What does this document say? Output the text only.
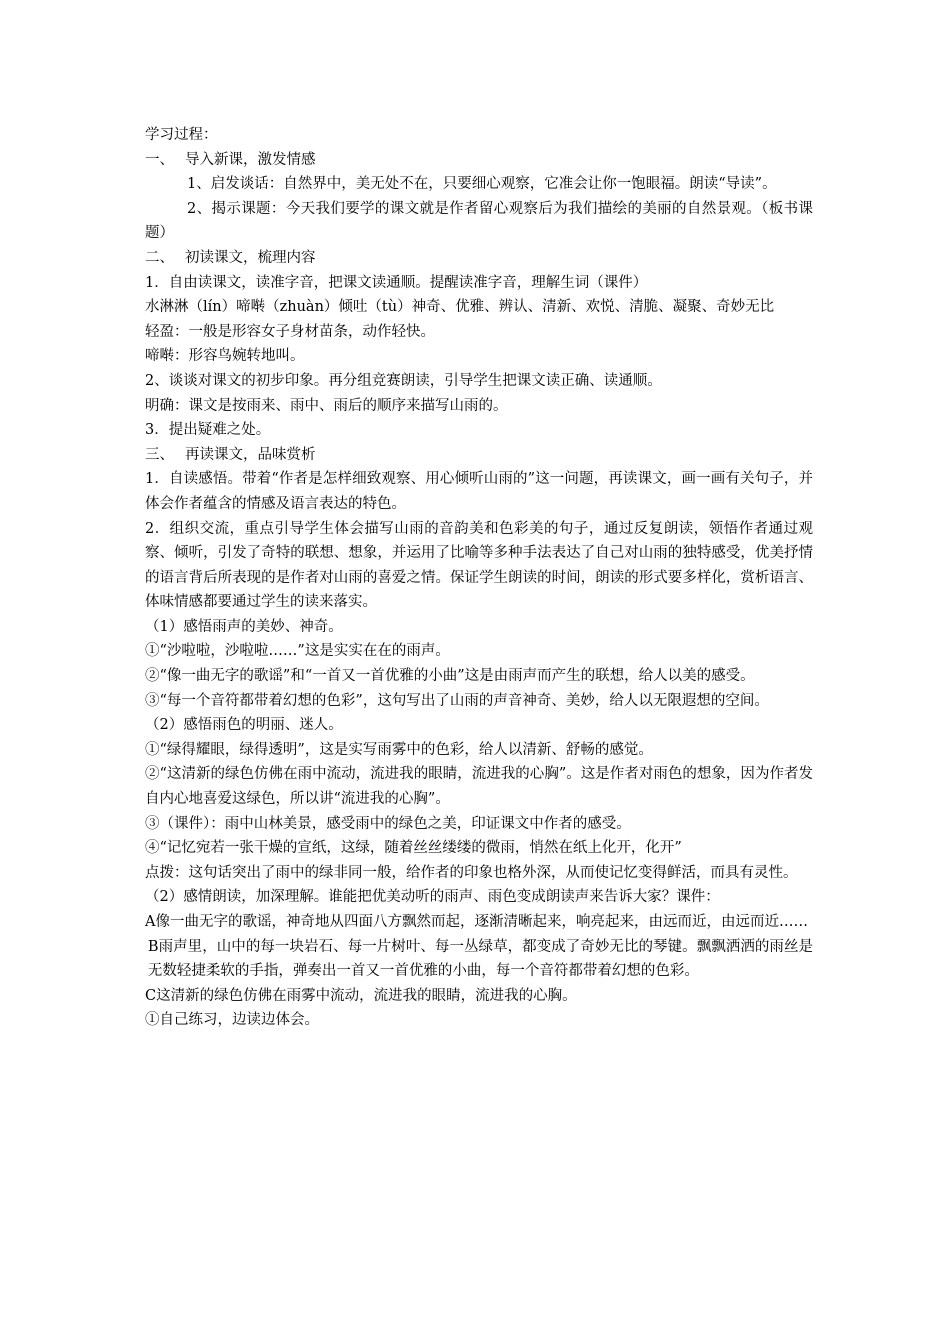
学习过程：

一、 导入新课，激发情感

1、启发谈话：自然界中，美无处不在，只要细心观察，它准会让你一饱眼福。朗读“导读”。

2、揭示课题：今天我们要学的课文就是作者留心观察后为我们描绘的美丽的自然景观。（板书课题）

二、 初读课文，梳理内容

1．自由读课文，读准字音，把课文读通顺。提醒读准字音，理解生词（课件）

水淋淋（lín）啼啭（zhuàn）倾吐（tù）神奇、优雅、辨认、清新、欢悦、清脆、凝聚、奇妙无比

轻盈：一般是形容女子身材苗条，动作轻快。

啼啭：形容鸟婉转地叫。

2、谈谈对课文的初步印象。再分组竞赛朗读，引导学生把课文读正确、读通顺。

明确：课文是按雨来、雨中、雨后的顺序来描写山雨的。

3．提出疑难之处。

三、 再读课文，品味赏析

1．自读感悟。带着“作者是怎样细致观察、用心倾听山雨的”这一问题，再读课文，画一画有关句子，并体会作者蕴含的情感及语言表达的特色。

2．组织交流，重点引导学生体会描写山雨的音韵美和色彩美的句子，通过反复朗读，领悟作者通过观察、倾听，引发了奇特的联想、想象，并运用了比喻等多种手法表达了自己对山雨的独特感受，优美抒情的语言背后所表现的是作者对山雨的喜爱之情。保证学生朗读的时间，朗读的形式要多样化，赏析语言、体味情感都要通过学生的读来落实。

（1）感悟雨声的美妙、神奇。

①“沙啦啦，沙啦啦……”这是实实在在的雨声。

②“像一曲无字的歌谣”和“一首又一首优雅的小曲”这是由雨声而产生的联想，给人以美的感受。

③“每一个音符都带着幻想的色彩”，这句写出了山雨的声音神奇、美妙，给人以无限遐想的空间。

（2）感悟雨色的明丽、迷人。

①“绿得耀眼，绿得透明”，这是实写雨雾中的色彩，给人以清新、舒畅的感觉。

②“这清新的绿色仿佛在雨中流动，流进我的眼睛，流进我的心胸”。这是作者对雨色的想象，因为作者发自内心地喜爱这绿色，所以讲“流进我的心胸”。

③（课件）：雨中山林美景，感受雨中的绿色之美，印证课文中作者的感受。

④“记忆宛若一张干燥的宣纸，这绿，随着丝丝缕缕的微雨，悄然在纸上化开，化开”

点拨：这句话突出了雨中的绿非同一般，给作者的印象也格外深，从而使记忆变得鲜活，而具有灵性。

（2）感情朗读，加深理解。谁能把优美动听的雨声、雨色变成朗读声来告诉大家？课件：

A像一曲无字的歌谣，神奇地从四面八方飘然而起，逐渐清晰起来，响亮起来，由远而近，由远而近……

B雨声里，山中的每一块岩石、每一片树叶、每一丛绿草，都变成了奇妙无比的琴键。飘飘洒洒的雨丝是无数轻捷柔软的手指，弹奏出一首又一首优雅的小曲，每一个音符都带着幻想的色彩。

C这清新的绿色仿佛在雨雾中流动，流进我的眼睛，流进我的心胸。

①自己练习，边读边体会。
